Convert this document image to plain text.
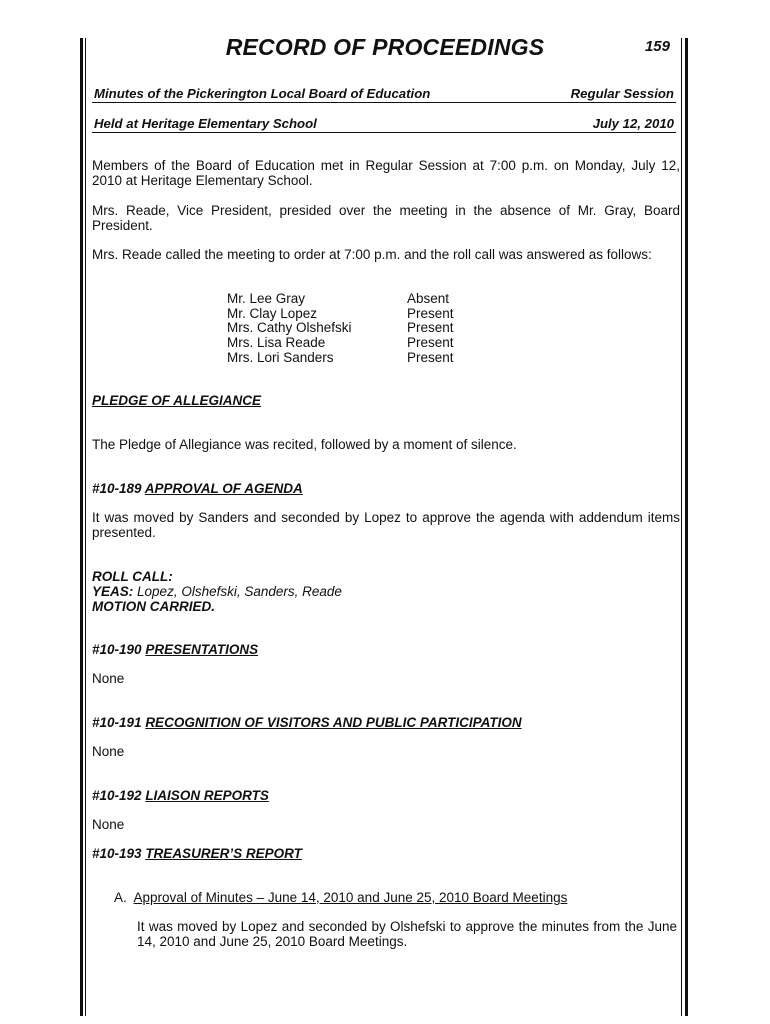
RECORD OF PROCEEDINGS	159
Minutes of the Pickerington Local Board of Education	Regular Session
Held at Heritage Elementary School	July 12, 2010
Members of the Board of Education met in Regular Session at 7:00 p.m. on Monday, July 12, 2010 at Heritage Elementary School.
Mrs. Reade, Vice President, presided over the meeting in the absence of Mr. Gray, Board President.
Mrs. Reade called the meeting to order at 7:00 p.m. and the roll call was answered as follows:
Mr. Lee Gray	Absent
Mr. Clay Lopez	Present
Mrs. Cathy Olshefski	Present
Mrs. Lisa Reade	Present
Mrs. Lori Sanders	Present
PLEDGE OF ALLEGIANCE
The Pledge of Allegiance was recited, followed by a moment of silence.
#10-189 APPROVAL OF AGENDA
It was moved by Sanders and seconded by Lopez to approve the agenda with addendum items presented.
ROLL CALL:
YEAS: Lopez, Olshefski, Sanders, Reade
MOTION CARRIED.
#10-190 PRESENTATIONS
None
#10-191 RECOGNITION OF VISITORS AND PUBLIC PARTICIPATION
None
#10-192 LIAISON REPORTS
None
#10-193 TREASURER’S REPORT
A. Approval of Minutes – June 14, 2010 and June 25, 2010 Board Meetings
It was moved by Lopez and seconded by Olshefski to approve the minutes from the June 14, 2010 and June 25, 2010 Board Meetings.
